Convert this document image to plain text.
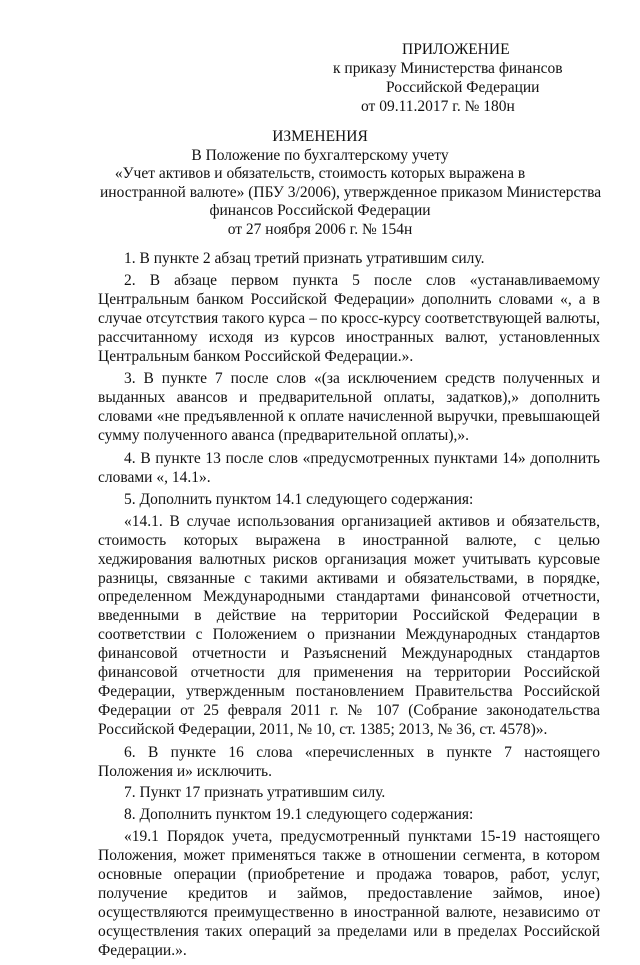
ПРИЛОЖЕНИЕ
к приказу Министерства финансов
Российской Федерации
от 09.11.2017 г. № 180н
ИЗМЕНЕНИЯ
В Положение по бухгалтерскому учету
«Учет активов и обязательств, стоимость которых выражена в
иностранной валюте» (ПБУ 3/2006), утвержденное приказом Министерства
финансов Российской Федерации
от 27 ноября 2006 г. № 154н

1. В пункте 2 абзац третий признать утратившим силу.

2. В абзаце первом пункта 5 после слов «устанавливаемому Центральным банком Российской Федерации» дополнить словами «, а в случае отсутствия такого курса – по кросс-курсу соответствующей валюты, рассчитанному исходя из курсов иностранных валют, установленных Центральным банком Российской Федерации.».

3. В пункте 7 после слов «(за исключением средств полученных и выданных авансов и предварительной оплаты, задатков),» дополнить словами «не предъявленной к оплате начисленной выручки, превышающей сумму полученного аванса (предварительной оплаты),».

4. В пункте 13 после слов «предусмотренных пунктами 14» дополнить словами «, 14.1».

5. Дополнить пунктом 14.1 следующего содержания:

«14.1. В случае использования организацией активов и обязательств, стоимость которых выражена в иностранной валюте, с целью хеджирования валютных рисков организация может учитывать курсовые разницы, связанные с такими активами и обязательствами, в порядке, определенном Международными стандартами финансовой отчетности, введенными в действие на территории Российской Федерации в соответствии с Положением о признании Международных стандартов финансовой отчетности и Разъяснений Международных стандартов финансовой отчетности для применения на территории Российской Федерации, утвержденным постановлением Правительства Российской Федерации от 25 февраля 2011 г. № 107 (Собрание законодательства Российской Федерации, 2011, № 10, ст. 1385; 2013, № 36, ст. 4578)».

6. В пункте 16 слова «перечисленных в пункте 7 настоящего Положения и» исключить.

7. Пункт 17 признать утратившим силу.

8. Дополнить пунктом 19.1 следующего содержания:

«19.1 Порядок учета, предусмотренный пунктами 15-19 настоящего Положения, может применяться также в отношении сегмента, в котором основные операции (приобретение и продажа товаров, работ, услуг, получение кредитов и займов, предоставление займов, иное) осуществляются преимущественно в иностранной валюте, независимо от осуществления таких операций за пределами или в пределах Российской Федерации.».
